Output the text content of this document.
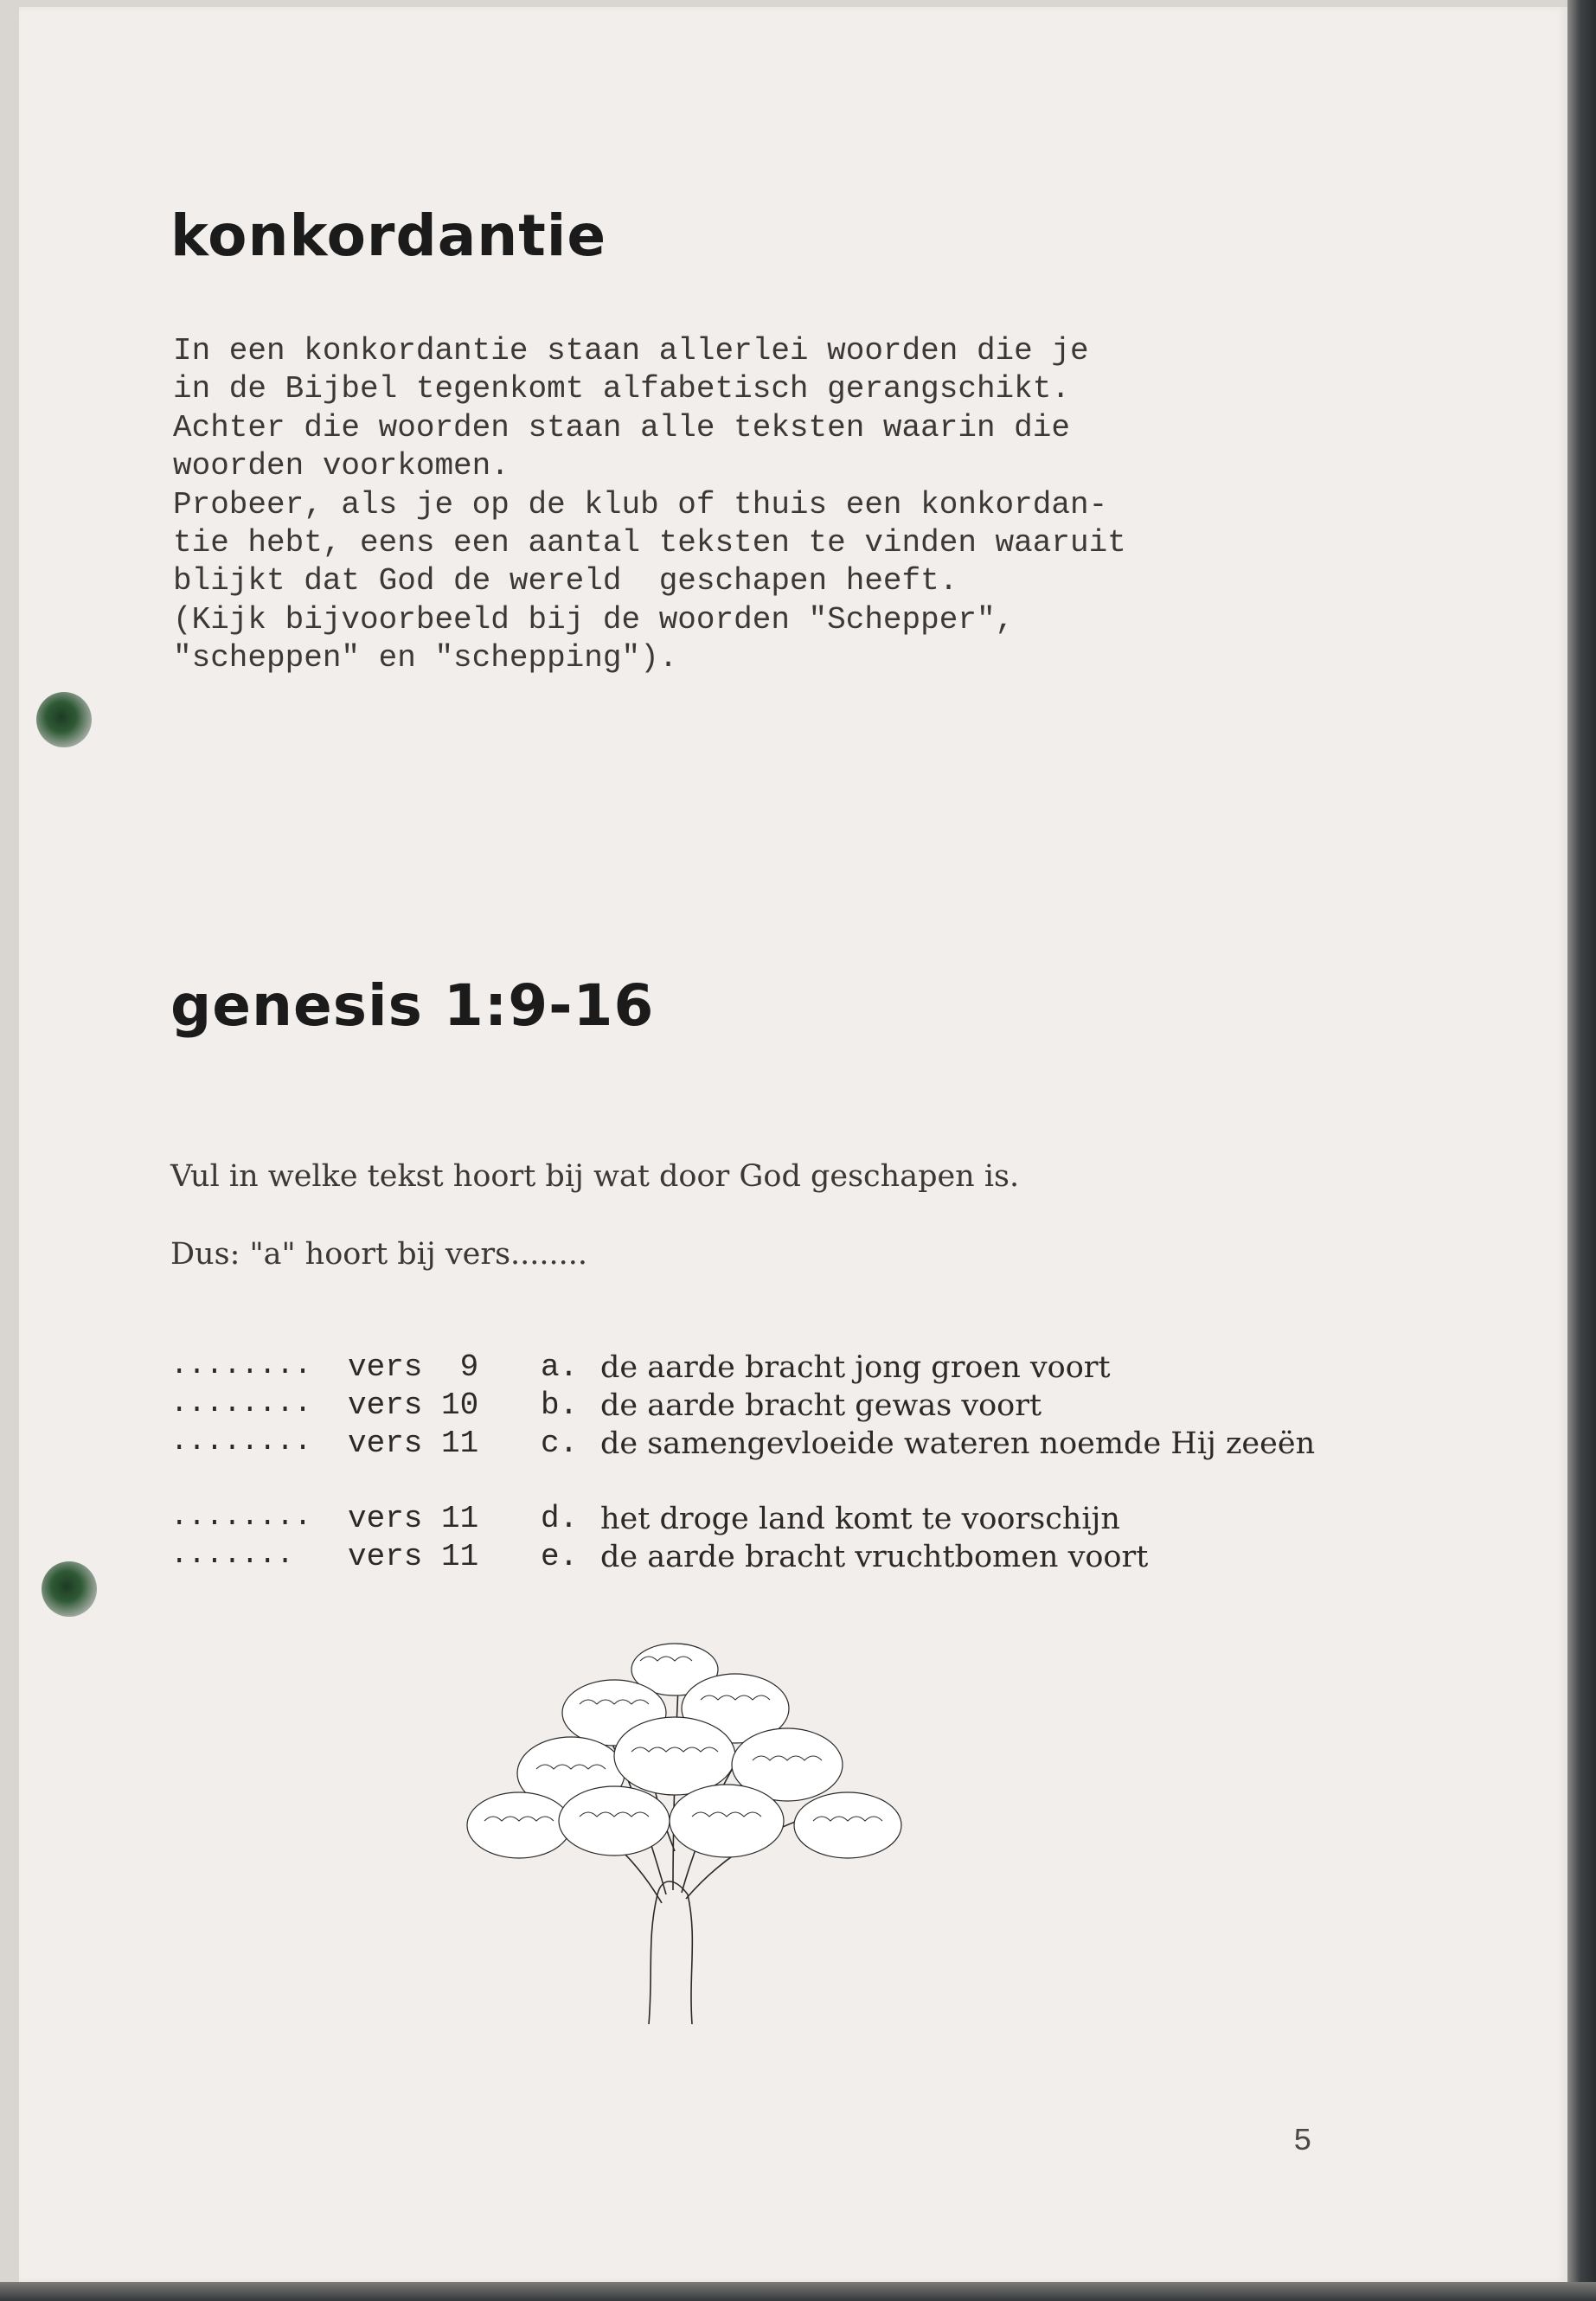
konkordantie
In een konkordantie staan allerlei woorden die je
in de Bijbel tegenkomt alfabetisch gerangschikt.
Achter die woorden staan alle teksten waarin die
woorden voorkomen.
Probeer, als je op de klub of thuis een konkordan-
tie hebt, eens een aantal teksten te vinden waaruit
blijkt dat God de wereld  geschapen heeft.
(Kijk bijvoorbeeld bij de woorden "Schepper",
"scheppen" en "schepping").
genesis 1:9-16
Vul in welke tekst hoort bij wat door God geschapen is.
Dus: "a" hoort bij vers........
........ vers  9 a. de aarde bracht jong groen voort
........ vers 10 b. de aarde bracht gewas voort
........ vers 11 c. de samengevloeide wateren noemde Hij zeeën
........ vers 11 d. het droge land komt te voorschijn
....... vers 11 e. de aarde bracht vruchtbomen voort
5
